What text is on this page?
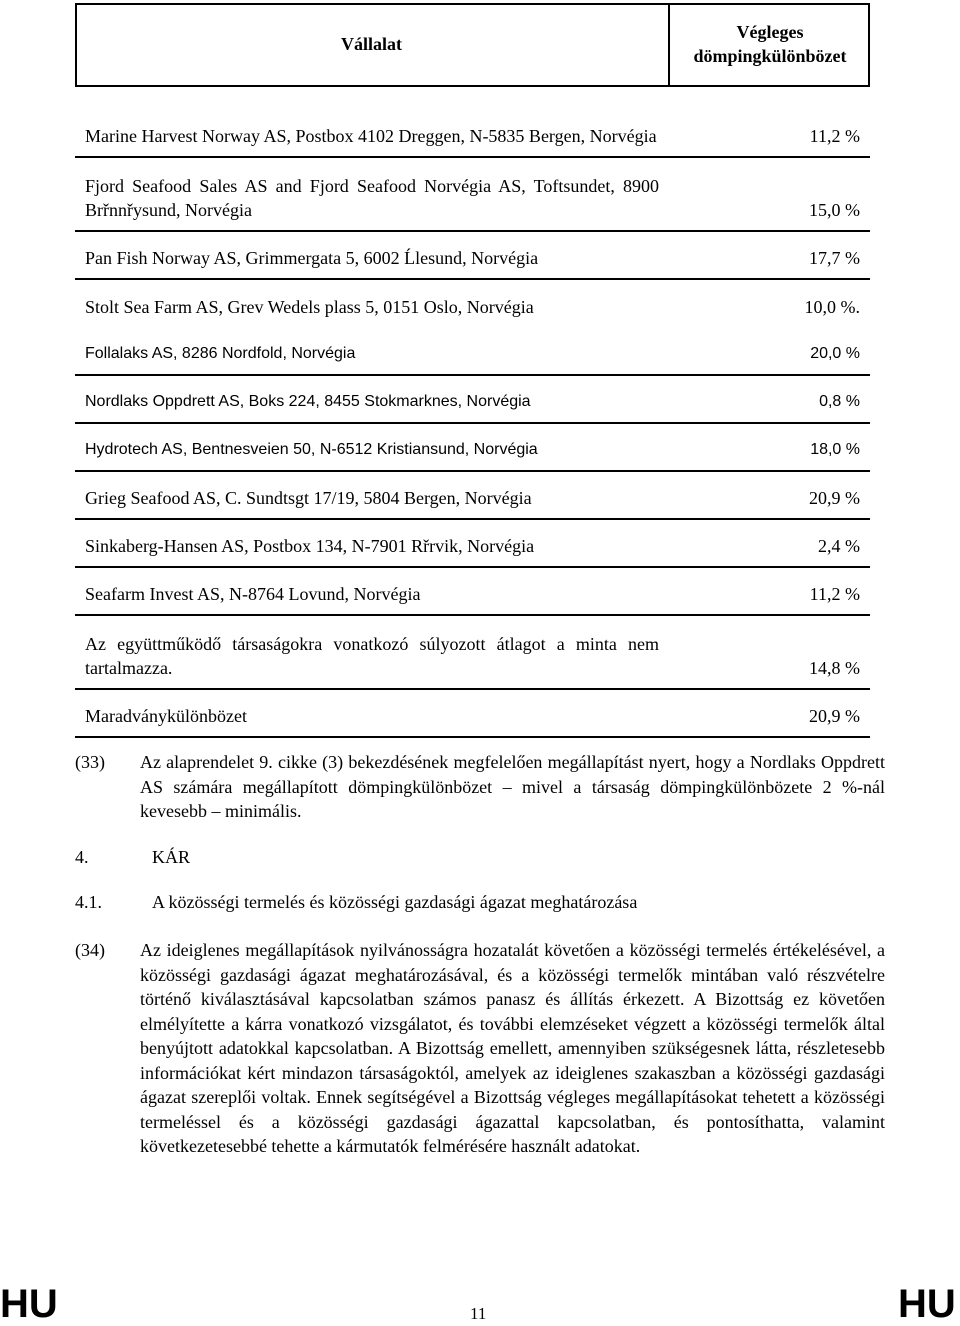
Vállalat	Végleges dömpingkülönbözet
Marine Harvest Norway AS, Postbox 4102 Dreggen, N-5835 Bergen, Norvégia	11,2 %
Fjord Seafood Sales AS and Fjord Seafood Norvégia AS, Toftsundet, 8900 Brřnnřysund, Norvégia	15,0 %
Pan Fish Norway AS, Grimmergata 5, 6002 Ĺlesund, Norvégia	17,7 %
Stolt Sea Farm AS, Grev Wedels plass 5, 0151 Oslo, Norvégia	10,0 %.
Follalaks AS, 8286 Nordfold, Norvégia	20,0 %
Nordlaks Oppdrett AS, Boks 224, 8455 Stokmarknes, Norvégia	0,8 %
Hydrotech AS, Bentnesveien 50, N-6512 Kristiansund, Norvégia	18,0 %
Grieg Seafood AS, C. Sundtsgt 17/19, 5804 Bergen, Norvégia	20,9 %
Sinkaberg-Hansen AS, Postbox 134, N-7901 Rřrvik, Norvégia	2,4 %
Seafarm Invest AS, N-8764 Lovund, Norvégia	11,2 %
Az együttműködő társaságokra vonatkozó súlyozott átlagot a minta nem tartalmazza.	14,8 %
Maradványkülönbözet	20,9 %
(33) Az alaprendelet 9. cikke (3) bekezdésének megfelelően megállapítást nyert, hogy a Nordlaks Oppdrett AS számára megállapított dömpingkülönbözet – mivel a társaság dömpingkülönbözete 2 %-nál kevesebb – minimális.
4.	KÁR
4.1.	A közösségi termelés és közösségi gazdasági ágazat meghatározása
(34) Az ideiglenes megállapítások nyilvánosságra hozatalát követően a közösségi termelés értékelésével, a közösségi gazdasági ágazat meghatározásával, és a közösségi termelők mintában való részvételre történő kiválasztásával kapcsolatban számos panasz és állítás érkezett. A Bizottság ez követően elmélyítette a kárra vonatkozó vizsgálatot, és további elemzéseket végzett a közösségi termelők által benyújtott adatokkal kapcsolatban. A Bizottság emellett, amennyiben szükségesnek látta, részletesebb információkat kért mindazon társaságoktól, amelyek az ideiglenes szakaszban a közösségi gazdasági ágazat szereplői voltak. Ennek segítségével a Bizottság végleges megállapításokat tehetett a közösségi termeléssel és a közösségi gazdasági ágazattal kapcsolatban, és pontosíthatta, valamint következetesebbé tehette a kármutatók felmérésére használt adatokat.
HU	11	HU
